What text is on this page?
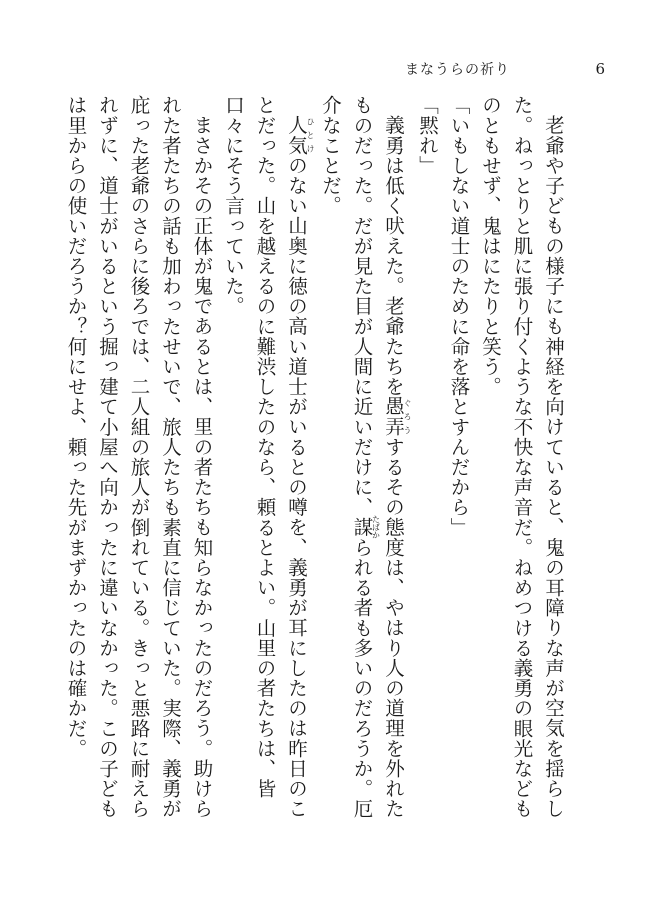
まなうらの祈り	6

老爺や子どもの様子にも神経を向けていると、鬼の耳障りな声が空気を揺らした。ねっとりと肌に張り付くような不快な声音だ。ねめつける義勇の眼光などものともせず、鬼はにたりと笑う。

「いもしない道士のために命を落とすんだから」

「黙れ」

義勇は低く吠えた。老爺たちを愚弄ぐろうするその態度は、やはり人の道理を外れたものだった。だが見た目が人間に近いだけに、謀たばかられる者も多いのだろうか。厄介なことだ。

人気ひとけのない山奥に徳の高い道士がいるとの噂を、義勇が耳にしたのは昨日のことだった。山を越えるのに難渋したのなら、頼るとよい。山里の者たちは、皆口々にそう言っていた。

まさかその正体が鬼であるとは、里の者たちも知らなかったのだろう。助けられた者たちの話も加わったせいで、旅人たちも素直に信じていた。実際、義勇が庇った老爺のさらに後ろでは、二人組の旅人が倒れている。きっと悪路に耐えられずに、道士がいるという掘っ建て小屋へ向かったに違いなかった。この子どもは里からの使いだろうか？何にせよ、頼った先がまずかったのは確かだ。
